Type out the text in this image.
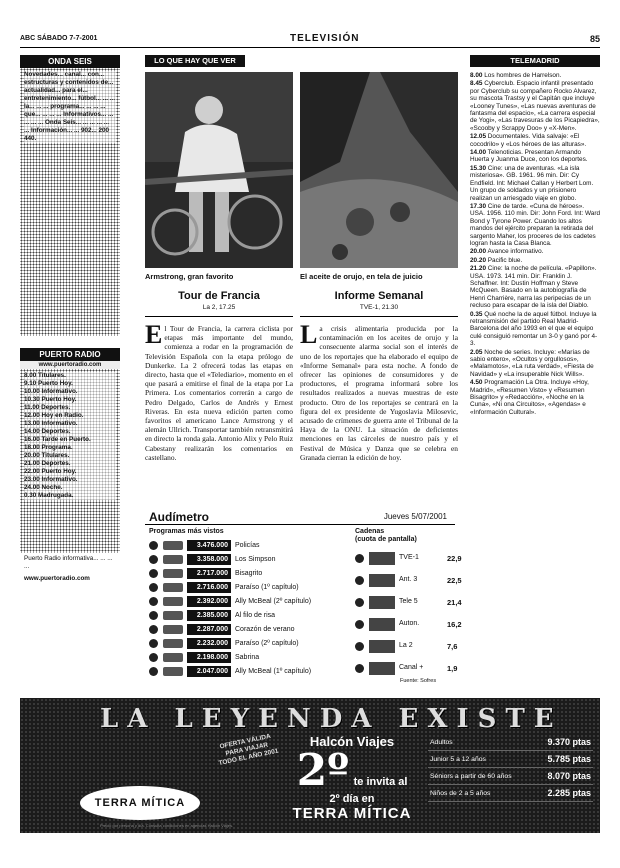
ABC SÁBADO 7-7-2001	TELEVISIÓN	85
ONDA SEIS

Novedades... canal... con... estructuras y contenidos de... actualidad... para el... entretenimiento... fútbol... ... ... la... ... ... programa... ... ... ... que... ... ... ... Informativos... ... ... ... ... Onda Seis... ... ... ... ... ... Información... ... 902... 200 440.

PUERTO RADIO
www.puertoradio.com

8.00 Titulares.
9.10 Puerto Hoy.
10.00 Informativo.
10.30 Puerto Hoy.
11.00 Deportes.
12.00 Hoy en Radio.
13.00 Informativo.
14.00 Deportes.
16.00 Tarde en Puerto.
18.00 Programa.
20.00 Titulares.
21.00 Deportes.
22.00 Puerto Hoy.
23.00 Informativo.
24.00 Noche.
0.30 Madrugada.

Puerto Radio informativa... ... ... ...
www.puertoradio.com
LO QUE HAY QUE VER
Armstrong, gran favorito
Tour de Francia
La 2, 17.25
El Tour de Francia, la carrera ciclista por etapas más importante del mundo, comienza a rodar en la programación de Televisión Española con la etapa prólogo de Dunkerke. La 2 ofrecerá todas las etapas en directo, hasta que el «Telediario», momento en el que pasará a emitirse el final de la etapa por La Primera. Los comentarios correrán a cargo de Pedro Delgado, Carlos de Andrés y Ernest Riveras. En esta nueva edición parten como favoritos el americano Lance Armstrong y el alemán Ullrich. Transportar también retransmitirá en directo la ronda gala. Antonio Alix y Pelo Ruiz Cabestany realizarán los comentarios en castellano.
El aceite de orujo, en tela de juicio
Informe Semanal
TVE-1, 21.30
La crisis alimentaria producida por la contaminación en los aceites de orujo y la consecuente alarma social son el interés de uno de los reportajes que ha elaborado el equipo de «Informe Semanal» para esta noche. A fondo de ofrecer las opiniones de consumidores y de productores, el programa informará sobre los resultados realizados a nuevas muestras de este producto. Otro de los reportajes se centrará en la figura del ex presidente de Yugoslavia Milosevic, acusado de crímenes de guerra ante el Tribunal de la Haya de la ONU. La situación de deficientes menciones en las cárceles de nuestro país y el Festival de Música y Danza que se celebra en Granada cierran la edición de hoy.
Audímetro	Jueves 5/07/2001
Programas más vistos
3.476.000	Policías
3.358.000	Los Simpson
2.717.000	Bisagrito
2.716.000	Paraíso (1º capítulo)
2.392.000	Ally McBeal (2º capítulo)
2.385.000	Al filo de risa
2.287.000	Corazón de verano
2.232.000	Paraíso (2º capítulo)
2.198.000	Sabrina
2.047.000	Ally McBeal (1º capítulo)
Cadenas
(cuota de pantalla)
TVE-1	22,9
Ant. 3	22,5
Tele 5	21,4
Auton.	16,2
La 2	7,6
Canal +	1,9
Fuente: Sofres
TELEMADRID

8.00 Los hombres de Harrelson.

8.45 Cyberclub. Espacio infantil presentado por Cyberclub su compañero Rocko Alvarez, su mascota Trastsy y el Capitán que incluye «Looney Tunes», «Las nuevas aventuras de fantasma del espacio», «La carrera especial de Yogi», «Las travesuras de los Picapiedra», «Scooby y Scrappy Doo» y «X-Men».

12.05 Documentales. Vida salvaje: «El cocodrilo» y «Los héroes de las alturas».

14.00 Telenoticias. Presentan Armando Huerta y Juanma Duce, con los deportes.

15.30 Cine: una de aventuras. «La isla misteriosa». GB. 1961. 96 min. Dir: Cy Endfield. Int: Michael Callan y Herbert Lom. Un grupo de soldados y un prisionero realizan un arriesgado viaje en globo.

17.30 Cine de tarde. «Cuna de héroes». USA. 1956. 110 min. Dir: John Ford. Int: Ward Bond y Tyrone Power. Cuando los altos mandos del ejército preparan la retirada del sargento Maher, los proceres de los cadetes logran hasta la Casa Blanca.

20.00 Avance informativo.

20.20 Pacific blue.

21.20 Cine: la noche de película. «Papillon». USA. 1973. 141 min. Dir: Franklin J. Schaffner. Int: Dustin Hoffman y Steve McQueen. Basado en la autobiografía de Henri Charrière, narra las peripecias de un recluso para escapar de la isla del Diablo.

0.35 Qué noche la de aquel fútbol. Incluye la retransmisión del partido Real Madrid-Barcelona del año 1993 en el que el equipo culé consiguió remontar un 3-0 y ganó por 4-3.

2.05 Noche de series. Incluye: «Marías de sabio entero», «Ocultos y orgullosos», «Malamotos», «La ruta verdad», «Fiesta de Navidad» y «La insuperable Nick Wills».

4.50 Programación La Otra. Incluye «Hoy, Madrid», «Resumen Visto» y «Resumen Bisagrito» y «Redacción», «Noche en la Cuna», «Ni ona Circuitos», «Agendas» e «Información Cultural».

LA LEYENDA EXISTE
OFERTA VÁLIDA PARA VIAJAR TODO EL AÑO 2001
Halcón Viajes
2º te invita al
2º día en
TERRA MÍTICA
Adultos	9.370 ptas
Junior 5 a 12 años	5.785 ptas
Séniors a partir de 60 años	8.070 ptas
Niños de 2 a 5 años	2.285 ptas
TERRA MÍTICA
Precio por persona y día. Consulta condiciones en agencias Halcón Viajes.
